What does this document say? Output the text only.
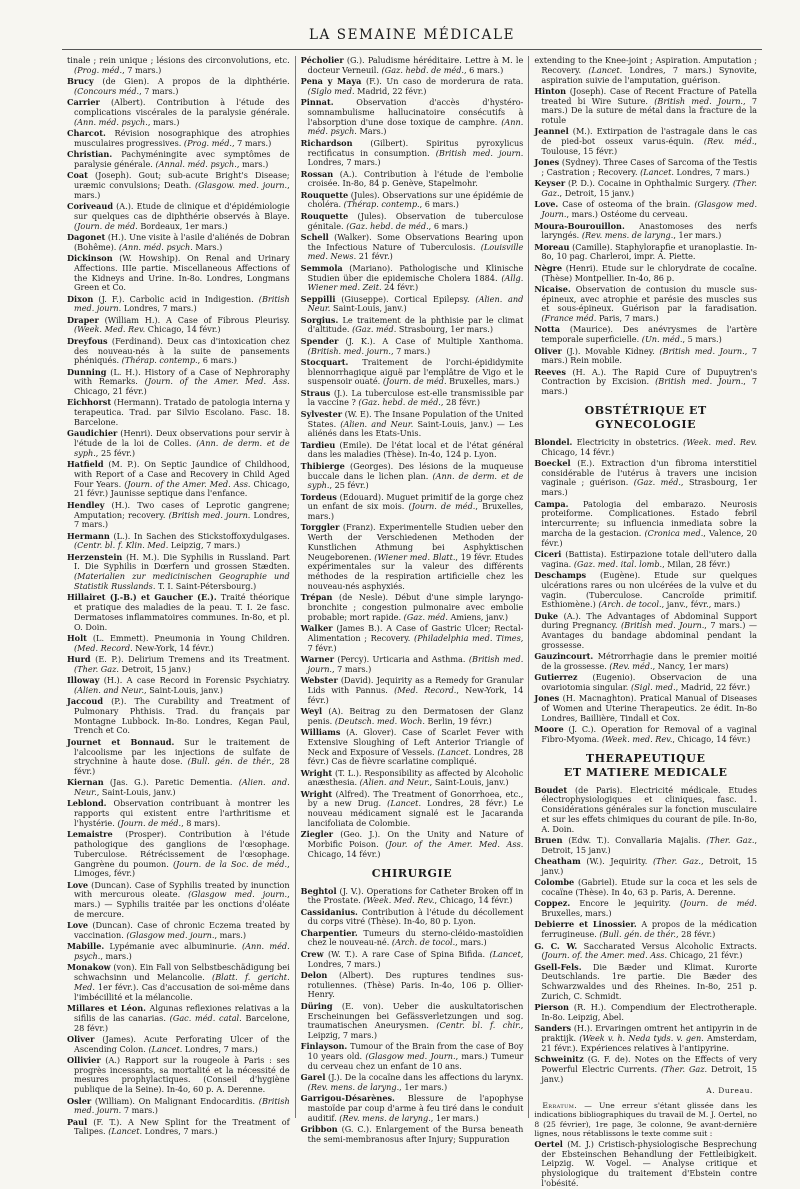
LA SEMAINE MÉDICALE

tinale ; rein unique ; lésions des circonvolutions, etc. (Prog. méd., 7 mars.)

Brucy (de Gien). A propos de la diphthérie. (Concours méd., 7 mars.)

Carrier (Albert). Contribution à l'étude des complications viscérales de la paralysie générale. (Ann. méd. psych., mars.)

Charcot. Révision nosographique des atrophies musculaires progressives. (Prog. méd., 7 mars.)

Christian. Pachyméningite avec symptômes de paralysie générale. (Annal. méd. psych., mars.)

Coat (Joseph). Gout; sub-acute Bright's Disease; uræmic convulsions; Death. (Glasgow. med. journ., mars.)

Coriveaud (A.). Etude de clinique et d'épidémiologie sur quelques cas de diphthérie observés à Blaye. (Journ. de méd. Bordeaux, 1er mars.)

Dagonet (H.). Une visite à l'asile d'aliénés de Dobran (Bohême). (Ann. méd. psych. Mars.)

Dickinson (W. Howship). On Renal and Urinary Affections. IIIe partie. Miscellaneous Affections of the Kidneys and Urine. In-8o. Londres, Longmans Green et Co.

Dixon (J. F.). Carbolic acid in Indigestion. (British med. journ. Londres, 7 mars.)

Draper (William H.). A Case of Fibrous Pleurisy. (Week. Med. Rev. Chicago, 14 févr.)

Dreyfous (Ferdinand). Deux cas d'intoxication chez des nouveau-nés à la suite de pansements phéniqués. (Thérap. contemp., 6 mars.)

Dunning (L. H.). History of a Case of Nephroraphy with Remarks. (Journ. of the Amer. Med. Ass. Chicago, 21 févr.)

Eichhorst (Hermann). Tratado de patologia interna y terapeutica. Trad. par Silvio Escolano. Fasc. 18. Barcelone.

Gaudichier (Henri). Deux observations pour servir à l'étude de la loi de Colles. (Ann. de derm. et de syph., 25 févr.)

Hatfield (M. P.). On Septic Jaundice of Childhood, with Report of a Case and Recovery in Child Aged Four Years. (Journ. of the Amer. Med. Ass. Chicago, 21 févr.) Jaunisse septique dans l'enfance.

Hendley (H.). Two cases of Leprotic gangrene; Amputation; recovery. (British med. journ. Londres, 7 mars.)

Hermann (L.). In Sachen des Stickstoffoxydulgases. (Centr. bl. f. Klin. Med. Leipzig, 7 mars.)

Herzenstein (H. M.). Die Syphilis in Russland. Part I. Die Syphilis in Dœrfern und grossen Stædten. (Materialien zur medicinischen Geographie und Statistik Russlands. T. I. Saint-Pétersbourg.)

Hillairet (J.-B.) et Gaucher (E.). Traité théorique et pratique des maladies de la peau. T. I. 2e fasc. Dermatoses inflammatoires communes. In-8o, et pl. O. Doin.

Holt (L. Emmett). Pneumonia in Young Children. (Med. Record. New-York, 14 févr.)

Hurd (E. P.). Delirium Tremens and its Treatment. (Ther. Gaz. Detroit, 15 janv.)

Illoway (H.). A case Record in Forensic Psychiatry. (Alien. and Neur., Saint-Louis, janv.)

Jaccoud (P.). The Curability and Treatment of Pulmonary Phthisis. Trad. du français par Montagne Lubbock. In-8o. Londres, Kegan Paul, Trench et Co.

Journet et Bonnaud. Sur le traitement de l'alcoolisme par les injections de sulfate de strychnine à haute dose. (Bull. gén. de thér., 28 févr.)

Kiernan (Jas. G.). Paretic Dementia. (Alien. and. Neur., Saint-Louis, janv.)

Leblond. Observation contribuant à montrer les rapports qui existent entre l'arthritisme et l'hystérie. (Journ. de méd., 8 mars).

Lemaistre (Prosper). Contribution à l'étude pathologique des ganglions de l'œsophage. Tuberculose. Rétrécissement de l'œsophage. Gangrène du poumon. (Journ. de la Soc. de méd., Limoges, févr.)

Love (Duncan). Case of Syphilis treated by inunction with mercurous oleate. (Glasgow med. journ., mars.) — Syphilis traitée par les onctions d'oléate de mercure.

Love (Duncan). Case of chronic Eczema treated by vaccination. (Glasgow med. journ., mars.)

Mabille. Lypémanie avec albuminurie. (Ann. méd. psych., mars.)

Monakow (von). Ein Fall von Selbstbeschädigung bei schwachsinn und Melancolie. (Blatt. f. gericht. Med. 1er févr.). Cas d'accusation de soi-même dans l'imbécillité et la mélancolie.

Millares et Léon. Algunas reflexiones relativas a la sifilis de las canarias. (Gac. méd. catal. Barcelone, 28 févr.)

Oliver (James). Acute Perforating Ulcer of the Ascending Colon. (Lancet. Londres, 7 mars.)

Ollivier (A.) Rapport sur la rougeole à Paris : ses progrès incessants, sa mortalité et la nécessité de mesures prophylactiques. (Conseil d'hygiène publique de la Seine). In-4o, 60 p. A. Derenne.

Osler (William). On Malignant Endocarditis. (British med. journ. 7 mars.)

Paul (F. T.). A New Splint for the Treatment of Talipes. (Lancet. Londres, 7 mars.)

Pécholier (G.). Paludisme héréditaire. Lettre à M. le docteur Verneuil. (Gaz. hebd. de méd., 6 mars.)

Pena y Maya (F.). Un caso de morderura de rata. (Siglo med. Madrid, 22 févr.)

Pinnat. Observation d'accès d'hystéro-somnambulisme hallucinatoire consécutifs à l'absorption d'une dose toxique de camphre. (Ann. méd. psych. Mars.)

Richardson (Gilbert). Spiritus pyroxylicus rectificatus in consumption. (British med. journ. Londres, 7 mars.)

Rossan (A.). Contribution à l'étude de l'embolie croisée. In-8o, 84 p. Genève, Stapelmohr.

Rouquette (Jules). Observations sur une épidémie de choléra. (Thérap. contemp., 6 mars.)

Rouquette (Jules). Observation de tuberculose génitale. (Gaz. hebd. de méd., 6 mars.)

Schell (Walker). Some Observations Bearing upon the Infectious Nature of Tuberculosis. (Louisville med. News. 21 févr.)

Semmola (Mariano). Pathologische und Klinische Studien über die epidemische Cholera 1884. (Allg. Wiener med. Zeit. 24 févr.)

Seppilli (Giuseppe). Cortical Epilepsy. (Alien. and Neur. Saint-Louis, janv.)

Sorgius. Le traitement de la phthisie par le climat d'altitude. (Gaz. méd. Strasbourg, 1er mars.)

Spender (J. K.). A Case of Multiple Xanthoma. (British. med. journ., 7 mars.)

Stocquart. Traitement de l'orchi-épididymite blennorrhagique aiguë par l'emplâtre de Vigo et le suspensoir ouaté. (Journ. de méd. Bruxelles, mars.)

Straus (J.). La tuberculose est-elle transmissible par la vaccine ? (Gaz. hebd. de méd., 28 févr.)

Sylvester (W. E). The Insane Population of the United States. (Alien. and Neur. Saint-Louis, janv.) — Les aliénés dans les Etats-Unis.

Tardieu (Emile). De l'état local et de l'état général dans les maladies (Thèse). In-4o, 124 p. Lyon.

Thibierge (Georges). Des lésions de la muqueuse buccale dans le lichen plan. (Ann. de derm. et de syph., 25 févr.)

Tordeus (Edouard). Muguet primitif de la gorge chez un enfant de six mois. (Journ. de méd., Bruxelles, mars.)

Torggler (Franz). Experimentelle Studien ueber den Werth der Verschiedenen Methoden der Kunstlichen Athmung bei Asphyktischen Neugeborenen. (Wiener med. Blatt., 19 févr. Etudes expérimentales sur la valeur des différents méthodes de la respiration artificielle chez les nouveau-nés asphyxiés.

Trépan (de Nesle). Début d'une simple laryngo-bronchite ; congestion pulmonaire avec embolie probable; mort rapide. (Gaz. méd. Amiens, janv.)

Walker (James B.). A Case of Gastric Ulcer; Rectal-Alimentation ; Recovery. (Philadelphia med. Times, 7 févr.)

Warner (Percy). Urticaria and Asthma. (British med. journ., 7 mars.)

Webster (David). Jequirity as a Remedy for Granular Lids with Pannus. (Med. Record., New-York, 14 févr.)

Weyl (A). Beitrag zu den Dermatosen der Glanz penis. (Deutsch. med. Woch. Berlin, 19 févr.)

Williams (A. Glover). Case of Scarlet Fever with Extensive Sloughing of Left Anterior Triangle of Neck and Exposure of Vessels. (Lancet. Londres, 28 févr.) Cas de fièvre scarlatine compliqué.

Wright (T. L.). Responsibility as affected by Alcoholic anæsthesia. (Alien. and Neur., Saint-Louis, janv.)

Wright (Alfred). The Treatment of Gonorrhoea, etc., by a new Drug. (Lancet. Londres, 28 févr.) Le nouveau médicament signalé est le Jacaranda lancifoliata de Colombie.

Ziegler (Geo. J.). On the Unity and Nature of Morbific Poison. (Jour. of the Amer. Med. Ass. Chicago, 14 févr.)

CHIRURGIE

Beghtol (J. V.). Operations for Catheter Broken off in the Prostate. (Week. Med. Rev., Chicago, 14 févr.)

Cassidanius. Contribution à l'étude du décollement du corps vitré (Thèse). In-4o, 80 p. Lyon.

Charpentier. Tumeurs du sterno-cléido-mastoïdien chez le nouveau-né. (Arch. de tocol., mars.)

Crew (W. T.). A rare Case of Spina Bifida. (Lancet, Londres, 7 mars.)

Delon (Albert). Des ruptures tendines sus-rotuliennes. (Thèse) Paris. In-4o, 106 p. Ollier-Henry.

Düring (E. von). Ueber die auskultatorischen Erscheinungen bei Gefässverletzungen und sog. traumatischen Aneurysmen. (Centr. bl. f. chir., Leipzig, 7 mars.)

Finlayson. Tumour of the Brain from the case of Boy 10 years old. (Glasgow med. Journ., mars.) Tumeur du cerveau chez un enfant de 10 ans.

Garel (J.). De la cocaïne dans les affections du larynx. (Rev. mens. de laryng., 1er mars.)

Garrigou-Désarènes. Blessure de l'apophyse mastoïde par coup d'arme à feu tiré dans le conduit auditif. (Rev. mens. de laryng., 1er mars.)

Gribbon (G. C.). Enlargement of the Bursa beneath the semi-membranosus after Injury; Suppuration

extending to the Knee-joint ; Aspiration. Amputation ; Recovery. (Lancet. Londres, 7 mars.) Synovite, aspiration suivie de l'amputation, guérison.

Hinton (Joseph). Case of Recent Fracture of Patella treated bi Wire Suture. (British med. Journ., 7 mars.) De la suture de métal dans la fracture de la rotule

Jeannel (M.). Extirpation de l'astragale dans le cas de pied-bot osseux varus-équin. (Rev. méd., Toulouse, 15 févr.)

Jones (Sydney). Three Cases of Sarcoma of the Testis ; Castration ; Recovery. (Lancet. Londres, 7 mars.)

Keyser (P. D.). Cocaine in Ophthalmic Surgery. (Ther. Gaz., Detroit, 15 janv.)

Love. Case of osteoma of the brain. (Glasgow med. Journ., mars.) Ostéome du cerveau.

Moura-Bourouillon. Anastomoses des nerfs laryngés. (Rev. mens. de laryng., 1er mars.)

Moreau (Camille). Staphylorapfie et uranoplastie. In-8o, 10 pag. Charleroi, impr. A. Piette.

Nègre (Henri). Etude sur le chlorydrate de cocaïne. (Thèse) Montpellier. In-4o, 86 p.

Nicaise. Observation de contusion du muscle sus-épineux, avec atrophie et parésie des muscles sus et sous-épineux. Guérison par la faradisation. (France méd. Paris, 7 mars.)

Notta (Maurice). Des anévrysmes de l'artère temporale superficielle. (Un. méd., 5 mars.)

Oliver (J.). Movable Kidney. (British med. Journ., 7 mars.) Rein mobile.

Reeves (H. A.). The Rapid Cure of Dupuytren's Contraction by Excision. (British med. Journ., 7 mars.)

OBSTÉTRIQUE ET GYNECOLOGIE

Blondel. Electricity in obstetrics. (Week. med. Rev. Chicago, 14 févr.)

Boeckel (E.). Extraction d'un fibroma interstitiel considérable de l'utérus à travers une incision vaginale ; guérison. (Gaz. méd., Strasbourg, 1er mars.)

Campa. Patologia del embarazo. Neurosis proteiforme. Complicationes. Estado febril intercurrente; su influencia inmediata sobre la marcha de la gestacion. (Cronica med., Valence, 20 févr.)

Ciceri (Battista). Estirpazione totale dell'utero dalla vagina. (Gaz. med. ital. lomb., Milan, 28 févr.)

Deschamps (Eugène). Etude sur quelques ulcérations rares ou non ulcérées de la vulve et du vagin. (Tuberculose. Cancroïde primitif. Esthiomène.) (Arch. de tocol., janv., févr., mars.)

Duke (A.). The Advantages of Abdominal Support during Pregnancy. (British med. Journ., 7 mars.) — Avantages du bandage abdominal pendant la grossesse.

Gauzincourt. Métrorrhagie dans le premier moitié de la grossesse. (Rev. méd., Nancy, 1er mars)

Gutierrez (Eugenio). Observacion de una ovariotomia singular. (Sigl. med., Madrid, 22 févr.)

Jones (H. Macnaghton). Pratical Manual of Diseases of Women and Uterine Therapeutics. 2e édit. In-8o Londres, Baillière, Tindall et Cox.

Moore (J. C.). Operation for Removal of a vaginal Fibro-Myoma. (Week. med. Rev., Chicago, 14 févr.)

THERAPEUTIQUE
ET MATIERE MEDICALE

Boudet (de Paris). Electricité médicale. Etudes électrophysiologiques et cliniques, fasc. 1. Considérations générales sur la fonction musculaire et sur les effets chimiques du courant de pile. In-8o, A. Doin.

Bruen (Edw. T.). Convallaria Majalis. (Ther. Gaz., Detroit, 15 janv.)

Cheatham (W.). Jequirity. (Ther. Gaz., Detroit, 15 janv.)

Colombe (Gabriel). Etude sur la coca et les sels de cocaïne (Thèse). In 4o, 63 p. Paris, A. Derenne.

Coppez. Encore le jequirity. (Journ. de méd. Bruxelles, mars.)

Debierre et Linossier. A propos de la médication ferrugineuse. (Bull. gén. de thér., 28 févr.)

G. C. W. Saccharated Versus Alcoholic Extracts. (Journ. of. the Amer. med. Ass. Chicago, 21 févr.)

Gsell-Fels. Die Bæder und Klimat. Kurorte Deutschlands. 1re partie. Die Bæder des Schwarzwaldes und des Rheines. In-8o, 251 p. Zurich, C. Schmidt.

Pierson (R. H.). Compendium der Electrotheraple. In-8o. Leipzig, Abel.

Sanders (H.). Ervaringen omtrent het antipyrin in de praktijk. (Week v. h. Neda tyds. v. gen. Amsterdam, 21 févr.). Expériences relatives à l'antipyrine.

Schweinitz (G. F. de). Notes on the Effects of very Powerful Electric Currents. (Ther. Gaz. Detroit, 15 janv.)

A. Dureau.

Erratum. — Une erreur s'étant glissée dans les indications bibliographiques du travail de M. J. Oertel, no 8 (25 février), 1re page, 3e colonne, 9e avant-dernière lignes, nous rétablissons le texte comme suit :

Oertel (M. J.) Cristisch-physiologische Besprechung der Ebsteinschen Behandlung der Fettleibigkeit. Leipzig. W. Vogel. — Analyse critique et physiologique du traitement d'Ebstein contre l'obésité.
